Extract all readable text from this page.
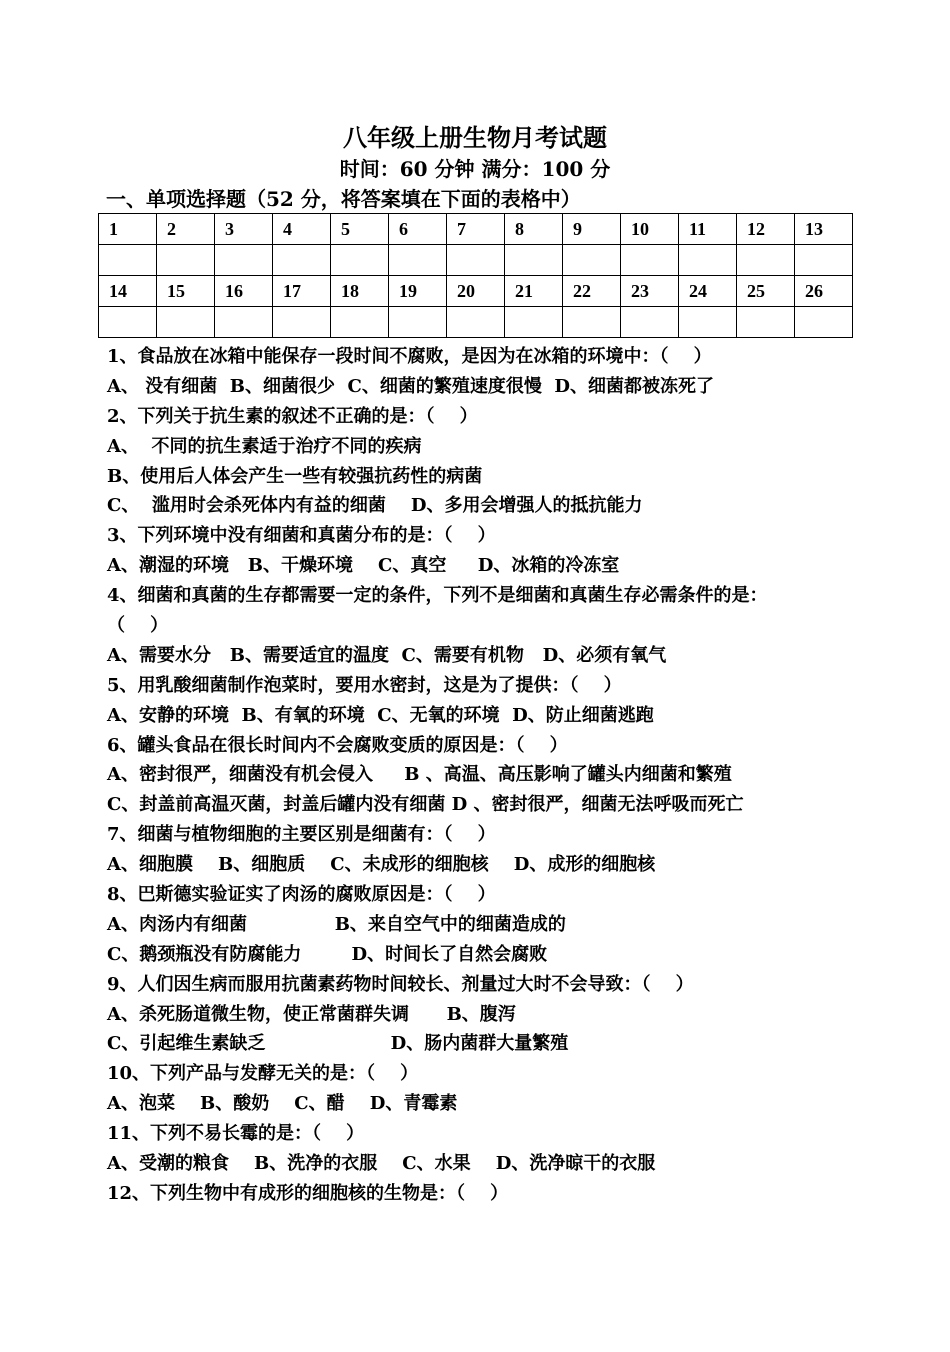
八年级上册生物月考试题
时间：60 分钟 满分：100 分
一、单项选择题（52 分，将答案填在下面的表格中）
1	2	3	4	5	6	7	8	9	10	11	12	13

14	15	16	17	18	19	20	21	22	23	24	25	26

1、食品放在冰箱中能保存一段时间不腐败，是因为在冰箱的环境中：（    ）
A、 没有细菌  B、细菌很少  C、细菌的繁殖速度很慢  D、细菌都被冻死了
2、下列关于抗生素的叙述不正确的是：（    ）
A、  不同的抗生素适于治疗不同的疾病
B、使用后人体会产生一些有较强抗药性的病菌
C、  滥用时会杀死体内有益的细菌    D、多用会增强人的抵抗能力
3、下列环境中没有细菌和真菌分布的是：（    ）
A、潮湿的环境   B、干燥环境    C、真空     D、冰箱的冷冻室
4、细菌和真菌的生存都需要一定的条件，下列不是细菌和真菌生存必需条件的是：
（    ）
A、需要水分   B、需要适宜的温度  C、需要有机物   D、必须有氧气
5、用乳酸细菌制作泡菜时，要用水密封，这是为了提供：（    ）
A、安静的环境  B、有氧的环境  C、无氧的环境  D、防止细菌逃跑
6、罐头食品在很长时间内不会腐败变质的原因是：（    ）
A、密封很严，细菌没有机会侵入     B 、高温、高压影响了罐头内细菌和繁殖
C、封盖前高温灭菌，封盖后罐内没有细菌 D 、密封很严，细菌无法呼吸而死亡
7、细菌与植物细胞的主要区别是细菌有：（    ）
A、细胞膜    B、细胞质    C、未成形的细胞核    D、成形的细胞核
8、巴斯德实验证实了肉汤的腐败原因是：（    ）
A、肉汤内有细菌              B、来自空气中的细菌造成的
C、鹅颈瓶没有防腐能力        D、时间长了自然会腐败
9、人们因生病而服用抗菌素药物时间较长、剂量过大时不会导致：（    ）
A、杀死肠道微生物，使正常菌群失调      B、腹泻
C、引起维生素缺乏                    D、肠内菌群大量繁殖
10、下列产品与发酵无关的是：（    ）
A、泡菜    B、酸奶    C、醋    D、青霉素
11、下列不易长霉的是：（    ）
A、受潮的粮食    B、洗净的衣服    C、水果    D、洗净晾干的衣服
12、下列生物中有成形的细胞核的生物是：（    ）
